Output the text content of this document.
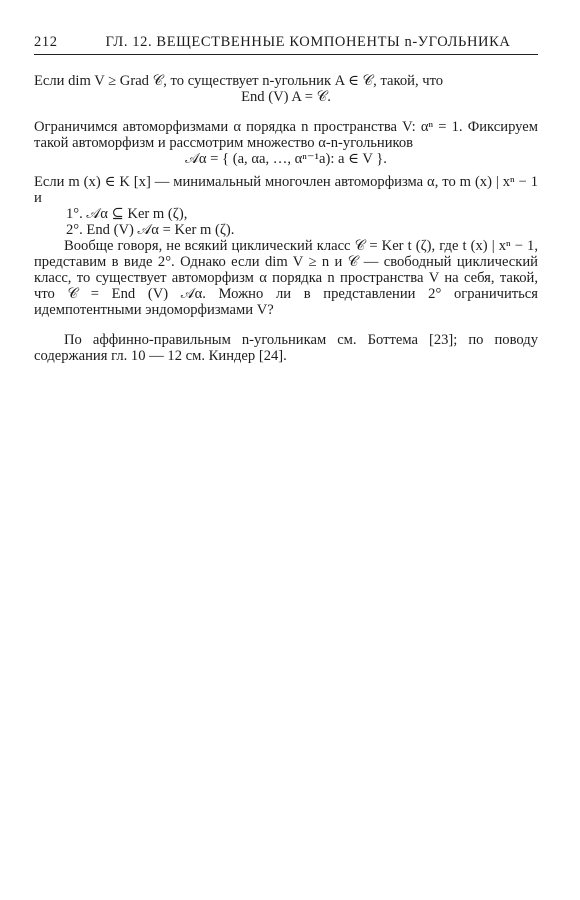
212	ГЛ. 12. ВЕЩЕСТВЕННЫЕ КОМПОНЕНТЫ n-УГОЛЬНИКА
Если dim V ≥ Grad 𝒞, то существует n-угольник A ∈ 𝒞, такой, что
End (V) A = 𝒞.
Ограничимся автоморфизмами α порядка n пространства V: αⁿ = 1. Фиксируем такой автоморфизм и рассмотрим множество α-n-угольников
𝒜α = { (a, αa, …, αⁿ⁻¹a): a ∈ V }.
Если m (x) ∈ K [x] — минимальный многочлен автоморфизма α, то m (x) | xⁿ − 1 и
1°. 𝒜α ⊆ Ker m (ζ),
2°. End (V) 𝒜α = Ker m (ζ).
Вообще говоря, не всякий циклический класс 𝒞 = Ker t (ζ), где t (x) | xⁿ − 1, представим в виде 2°. Однако если dim V ≥ n и 𝒞 — свободный циклический класс, то существует автоморфизм α порядка n пространства V на себя, такой, что 𝒞 = End (V) 𝒜α. Можно ли в представлении 2° ограничиться идемпотентными эндоморфизмами V?
По аффинно-правильным n-угольникам см. Боттема [23]; по поводу содержания гл. 10 — 12 см. Киндер [24].
